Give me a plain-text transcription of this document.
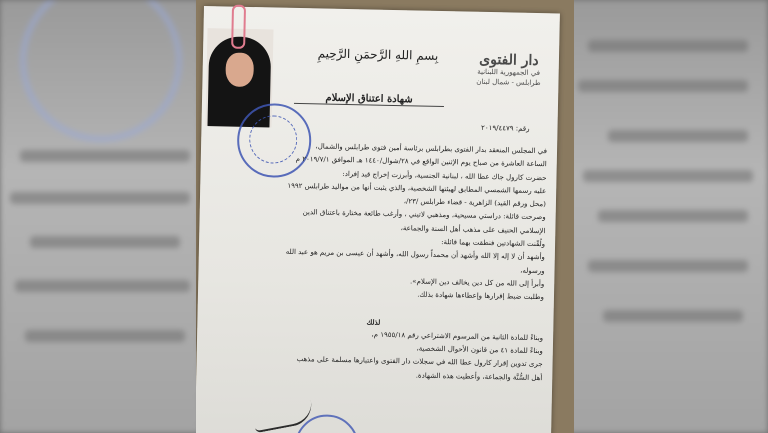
بِسمِ اللهِ الرَّحمَنِ الرَّحِيمِ	دار الفتوى
في الجمهورية اللبنانية
طرابلس - شمال لبنان
شهادة اعتناق الإسلام
رقم: ٢٠١٩/٤٤٧٩

في المجلس المنعقد بدار الفتوى بطرابلس برئاسة أمين فتوى طرابلس والشمال،

الساعة العاشرة من صباح يوم الإثنين الواقع في ٢٨/شوال/١٤٤٠ هـ الموافق ٢٠١٩/٧/١ م

حضرت كارول جاك عطا الله ، لبنانية الجنسية، وأبرزت إخراج قيد إفراد:

عليه رسمها الشمسي المطابق لهيئتها الشخصية، والذي يثبت أنها من مواليد طرابلس ١٩٩٢

(محل ورقم القيد) الزاهرية - قضاء طرابلس /٢٣/،

وصرحت قائلة: دراستي مسيحية، ومذهبي لاتيني ، وأرغب طائعة مختارة باعتناق الدين

الإسلامي الحنيف على مذهب أهل السنة والجماعة،

ولُقّنت الشهادتين فنطقت بهما قائلة:

وأشهد أن لا إله إلا الله وأشهد أن محمداً رسول الله، وأشهد أن عيسى بن مريم هو عبد الله

ورسوله،

وأبرأ إلى الله من كل دين يخالف دين الإسلام».

وطلبت ضبط إقرارها وإعطاءها شهادة بذلك.

لذلك

وبناءً للمادة الثانية من المرسوم الاشتراعي رقم ١٩٥٥/١٨ م،

وبناءً للمادة ٤١ من قانون الأحوال الشخصية،

جرى تدوين إقرار كارول عطا الله في سجلات دار الفتوى واعتبارها مسلمة على مذهب

أهل السُّنَّة والجماعة، وأعطيت هذه الشهادة.
